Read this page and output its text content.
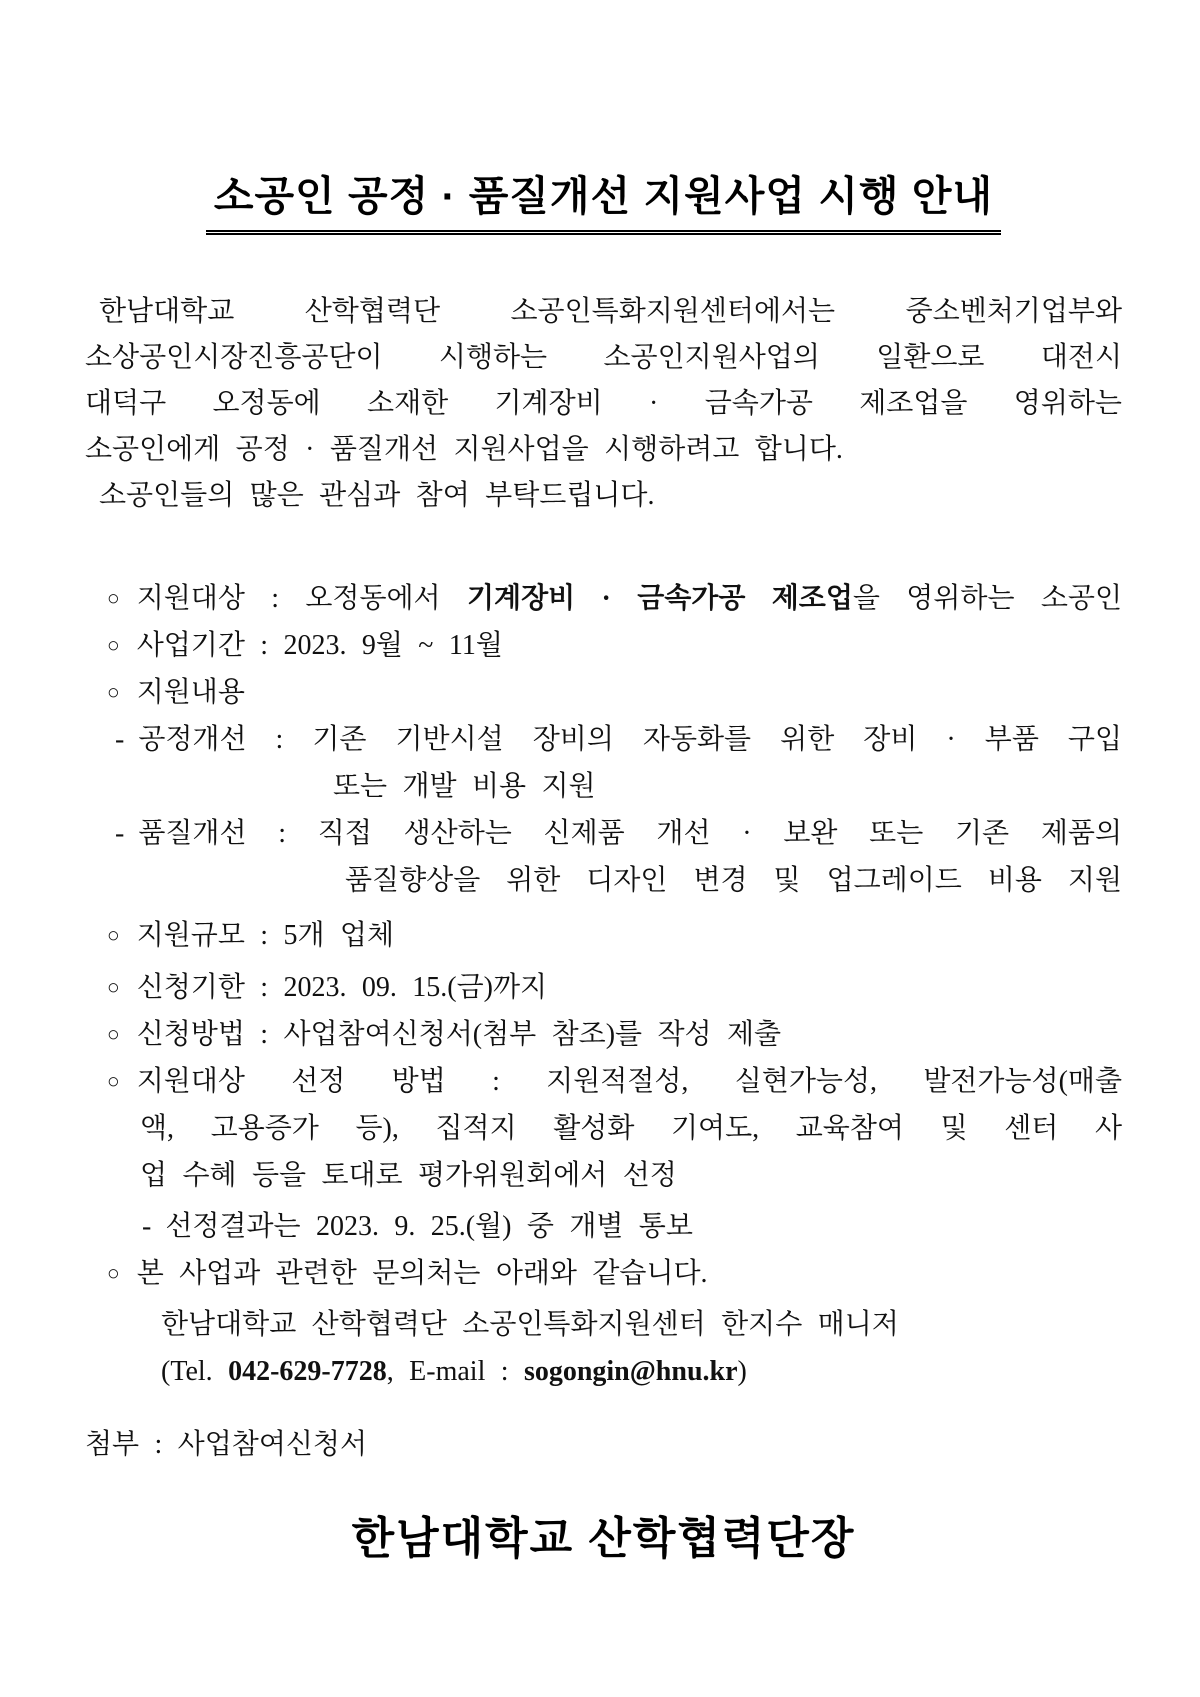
소공인 공정 · 품질개선 지원사업 시행 안내
한남대학교 산학협력단 소공인특화지원센터에서는 중소벤처기업부와
소상공인시장진흥공단이 시행하는 소공인지원사업의 일환으로 대전시
대덕구 오정동에 소재한 기계장비 · 금속가공 제조업을 영위하는
소공인에게 공정 · 품질개선 지원사업을 시행하려고 합니다.
소공인들의 많은 관심과 참여 부탁드립니다.
○ 지원대상 : 오정동에서 기계장비 · 금속가공 제조업을 영위하는 소공인
○ 사업기간 : 2023. 9월 ~ 11월
○ 지원내용
- 공정개선 : 기존 기반시설 장비의 자동화를 위한 장비 · 부품 구입
또는 개발 비용 지원
- 품질개선 : 직접 생산하는 신제품 개선 · 보완 또는 기존 제품의
품질향상을 위한 디자인 변경 및 업그레이드 비용 지원
○ 지원규모 : 5개 업체
○ 신청기한 : 2023. 09. 15.(금)까지
○ 신청방법 : 사업참여신청서(첨부 참조)를 작성 제출
○ 지원대상 선정 방법 : 지원적절성, 실현가능성, 발전가능성(매출
액, 고용증가 등), 집적지 활성화 기여도, 교육참여 및 센터 사
업 수혜 등을 토대로 평가위원회에서 선정
- 선정결과는 2023. 9. 25.(월) 중 개별 통보
○ 본 사업과 관련한 문의처는 아래와 같습니다.
한남대학교 산학협력단 소공인특화지원센터 한지수 매니저
(Tel. 042-629-7728, E-mail : sogongin@hnu.kr)
첨부 : 사업참여신청서
한남대학교 산학협력단장
